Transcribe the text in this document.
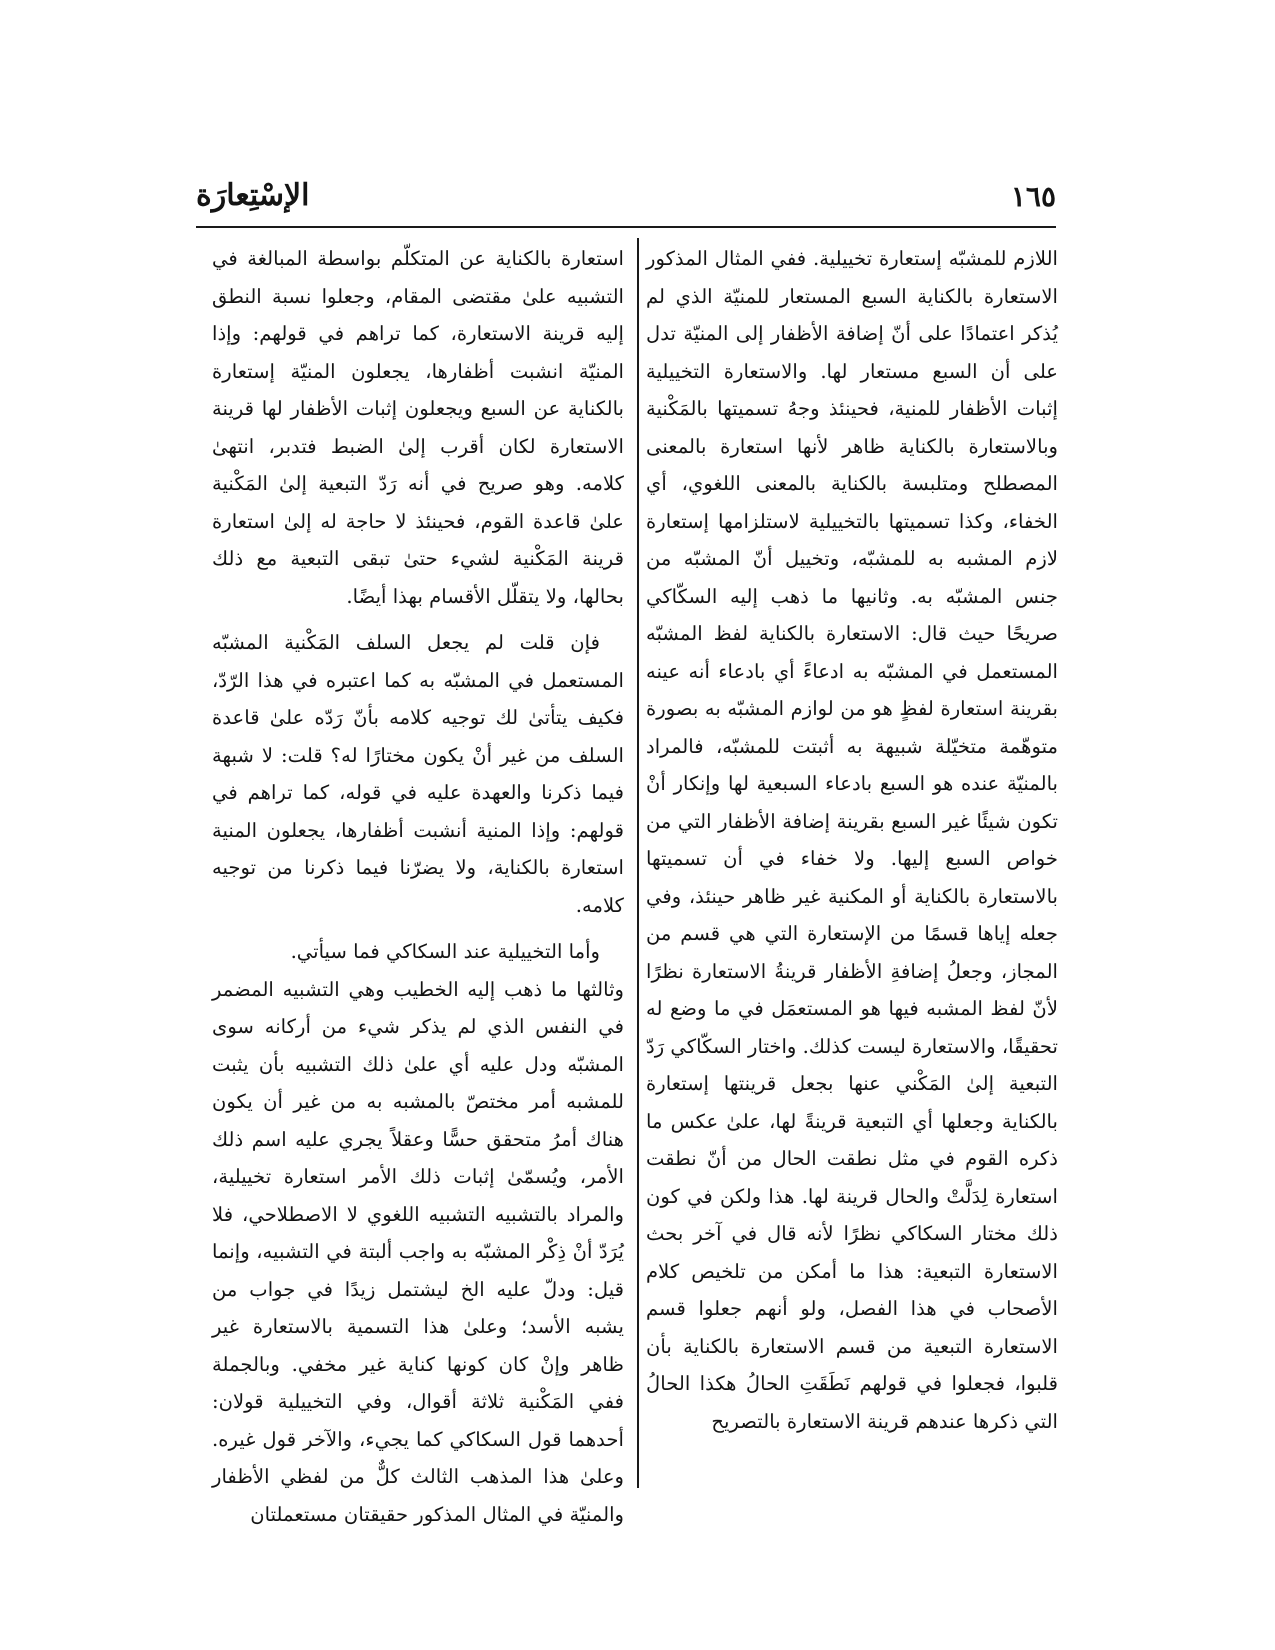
١٦٥
الإسْتِعارَة

اللازم للمشبّه إستعارة تخييلية. ففي المثال المذكور الاستعارة بالكناية السبع المستعار للمنيّة الذي لم يُذكر اعتمادًا على أنّ إضافة الأظفار إلى المنيّة تدل على أن السبع مستعار لها. والاستعارة التخييلية إثبات الأظفار للمنية، فحينئذ وجهُ تسميتها بالمَكْنية وبالاستعارة بالكناية ظاهر لأنها استعارة بالمعنى المصطلح ومتلبسة بالكناية بالمعنى اللغوي، أي الخفاء، وكذا تسميتها بالتخييلية لاستلزامها إستعارة لازم المشبه به للمشبّه، وتخييل أنّ المشبّه من جنس المشبّه به. وثانيها ما ذهب إليه السكّاكي صريحًا حيث قال: الاستعارة بالكناية لفظ المشبّه المستعمل في المشبّه به ادعاءً أي بادعاء أنه عينه بقرينة استعارة لفظٍ هو من لوازم المشبّه به بصورة متوهّمة متخيّلة شبيهة به أثبتت للمشبّه، فالمراد بالمنيّة عنده هو السبع بادعاء السبعية لها وإنكار أنْ تكون شيئًا غير السبع بقرينة إضافة الأظفار التي من خواص السبع إليها. ولا خفاء في أن تسميتها بالاستعارة بالكناية أو المكنية غير ظاهر حينئذ، وفي جعله إياها قسمًا من الإستعارة التي هي قسم من المجاز، وجعلُ إضافةِ الأظفار قرينةُ الاستعارة نظرًا لأنّ لفظ المشبه فيها هو المستعمَل في ما وضع له تحقيقًا، والاستعارة ليست كذلك. واختار السكّاكي رَدّ التبعية إلىٰ المَكْني عنها بجعل قرينتها إستعارة بالكناية وجعلها أي التبعية قرينةً لها، علىٰ عكس ما ذكره القوم في مثل نطقت الحال من أنّ نطقت استعارة لِدَلَّتْ والحال قرينة لها. هذا ولكن في كون ذلك مختار السكاكي نظرًا لأنه قال في آخر بحث الاستعارة التبعية: هذا ما أمكن من تلخيص كلام الأصحاب في هذا الفصل، ولو أنهم جعلوا قسم الاستعارة التبعية من قسم الاستعارة بالكناية بأن قلبوا، فجعلوا في قولهم نَطَقَتِ الحالُ هكذا الحالُ التي ذكرها عندهم قرينة الاستعارة بالتصريح

استعارة بالكناية عن المتكلّم بواسطة المبالغة في التشبيه علىٰ مقتضى المقام، وجعلوا نسبة النطق إليه قرينة الاستعارة، كما تراهم في قولهم: وإذا المنيّة انشبت أظفارها، يجعلون المنيّة إستعارة بالكناية عن السبع ويجعلون إثبات الأظفار لها قرينة الاستعارة لكان أقرب إلىٰ الضبط فتدبر، انتهىٰ كلامه. وهو صريح في أنه رَدّ التبعية إلىٰ المَكْنية علىٰ قاعدة القوم، فحينئذ لا حاجة له إلىٰ استعارة قرينة المَكْنية لشيء حتىٰ تبقى التبعية مع ذلك بحالها، ولا يتقلّل الأقسام بهذا أيضًا.

فإن قلت لم يجعل السلف المَكْنية المشبّه المستعمل في المشبّه به كما اعتبره في هذا الرّدّ، فكيف يتأتىٰ لك توجيه كلامه بأنّ رَدّه علىٰ قاعدة السلف من غير أنْ يكون مختارًا له؟ قلت: لا شبهة فيما ذكرنا والعهدة عليه في قوله، كما تراهم في قولهم: وإذا المنية أنشبت أظفارها، يجعلون المنية استعارة بالكناية، ولا يضرّنا فيما ذكرنا من توجيه كلامه.

وأما التخييلية عند السكاكي فما سيأتي.

وثالثها ما ذهب إليه الخطيب وهي التشبيه المضمر في النفس الذي لم يذكر شيء من أركانه سوى المشبّه ودل عليه أي علىٰ ذلك التشبيه بأن يثبت للمشبه أمر مختصّ بالمشبه به من غير أن يكون هناك أمرُ متحقق حسًّا وعقلاً يجري عليه اسم ذلك الأمر، ويُسمّىٰ إثبات ذلك الأمر استعارة تخييلية، والمراد بالتشبيه التشبيه اللغوي لا الاصطلاحي، فلا يُرَدّ أنْ ذِكْر المشبّه به واجب ألبتة في التشبيه، وإنما قيل: ودلّ عليه الخ ليشتمل زيدًا في جواب من يشبه الأسد؛ وعلىٰ هذا التسمية بالاستعارة غير ظاهر وإنْ كان كونها كناية غير مخفي. وبالجملة ففي المَكْنية ثلاثة أقوال، وفي التخييلية قولان: أحدهما قول السكاكي كما يجيء، والآخر قول غيره. وعلىٰ هذا المذهب الثالث كلٌّ من لفظي الأظفار والمنيّة في المثال المذكور حقيقتان مستعملتان
